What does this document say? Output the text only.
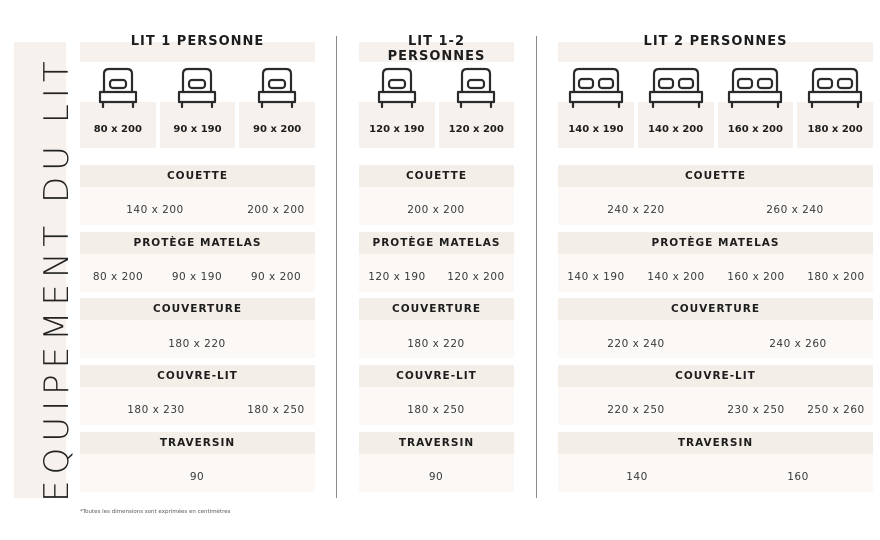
EQUIPEMENT DU LIT
LIT 1 PERSONNE
80 x 200	90 x 190	90 x 200
COUETTE
140 x 200	200 x 200
PROTÈGE MATELAS
80 x 200	90 x 190	90 x 200
COUVERTURE
180 x 220
COUVRE-LIT
180 x 230	180 x 250
TRAVERSIN
90
LIT 1-2 PERSONNES
120 x 190	120 x 200
COUETTE
200 x 200
PROTÈGE MATELAS
120 x 190	120 x 200
COUVERTURE
180 x 220
COUVRE-LIT
180 x 250
TRAVERSIN
90
LIT 2 PERSONNES
140 x 190	140 x 200	160 x 200	180 x 200
COUETTE
240 x 220	260 x 240
PROTÈGE MATELAS
140 x 190	140 x 200	160 x 200	180 x 200
COUVERTURE
220 x 240	240 x 260
COUVRE-LIT
220 x 250	230 x 250	250 x 260
TRAVERSIN
140	160
*Toutes les dimensions sont exprimées en centimètres
